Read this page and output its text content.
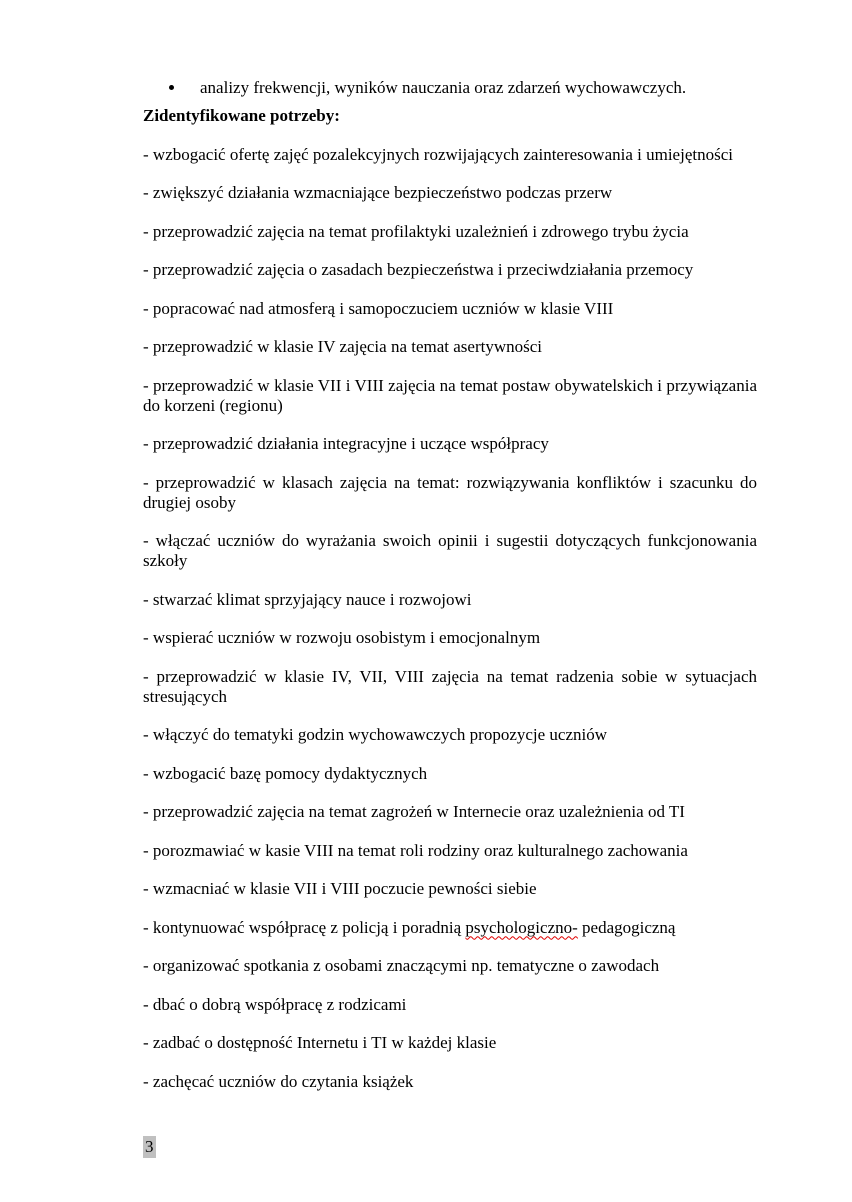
analizy frekwencji, wyników nauczania oraz zdarzeń wychowawczych.
Zidentyfikowane potrzeby:

- wzbogacić ofertę zajęć pozalekcyjnych rozwijających zainteresowania i umiejętności

- zwiększyć działania wzmacniające bezpieczeństwo podczas przerw

- przeprowadzić zajęcia na temat profilaktyki uzależnień i zdrowego trybu życia

- przeprowadzić zajęcia o zasadach bezpieczeństwa i przeciwdziałania przemocy

- popracować nad atmosferą i samopoczuciem uczniów w klasie VIII

- przeprowadzić w klasie IV zajęcia na temat asertywności

- przeprowadzić w klasie VII i VIII zajęcia na temat postaw obywatelskich i przywiązania do korzeni (regionu)

- przeprowadzić działania integracyjne i uczące współpracy

- przeprowadzić w klasach zajęcia na temat: rozwiązywania konfliktów i szacunku do drugiej osoby

- włączać uczniów do wyrażania swoich opinii i sugestii dotyczących funkcjonowania szkoły

- stwarzać klimat sprzyjający nauce i rozwojowi

- wspierać uczniów w rozwoju osobistym i emocjonalnym

- przeprowadzić w klasie IV, VII, VIII zajęcia na temat radzenia sobie w sytuacjach stresujących

- włączyć do tematyki godzin wychowawczych propozycje uczniów

- wzbogacić bazę pomocy dydaktycznych

- przeprowadzić zajęcia na temat zagrożeń w Internecie oraz uzależnienia od TI

- porozmawiać w kasie VIII na temat roli rodziny oraz kulturalnego zachowania

- wzmacniać w klasie VII i VIII poczucie pewności siebie

- kontynuować współpracę z policją i poradnią psychologiczno- pedagogiczną

- organizować spotkania z osobami znaczącymi np. tematyczne o zawodach

- dbać o dobrą współpracę z rodzicami

- zadbać o dostępność Internetu i TI w każdej klasie

- zachęcać uczniów do czytania książek

3
